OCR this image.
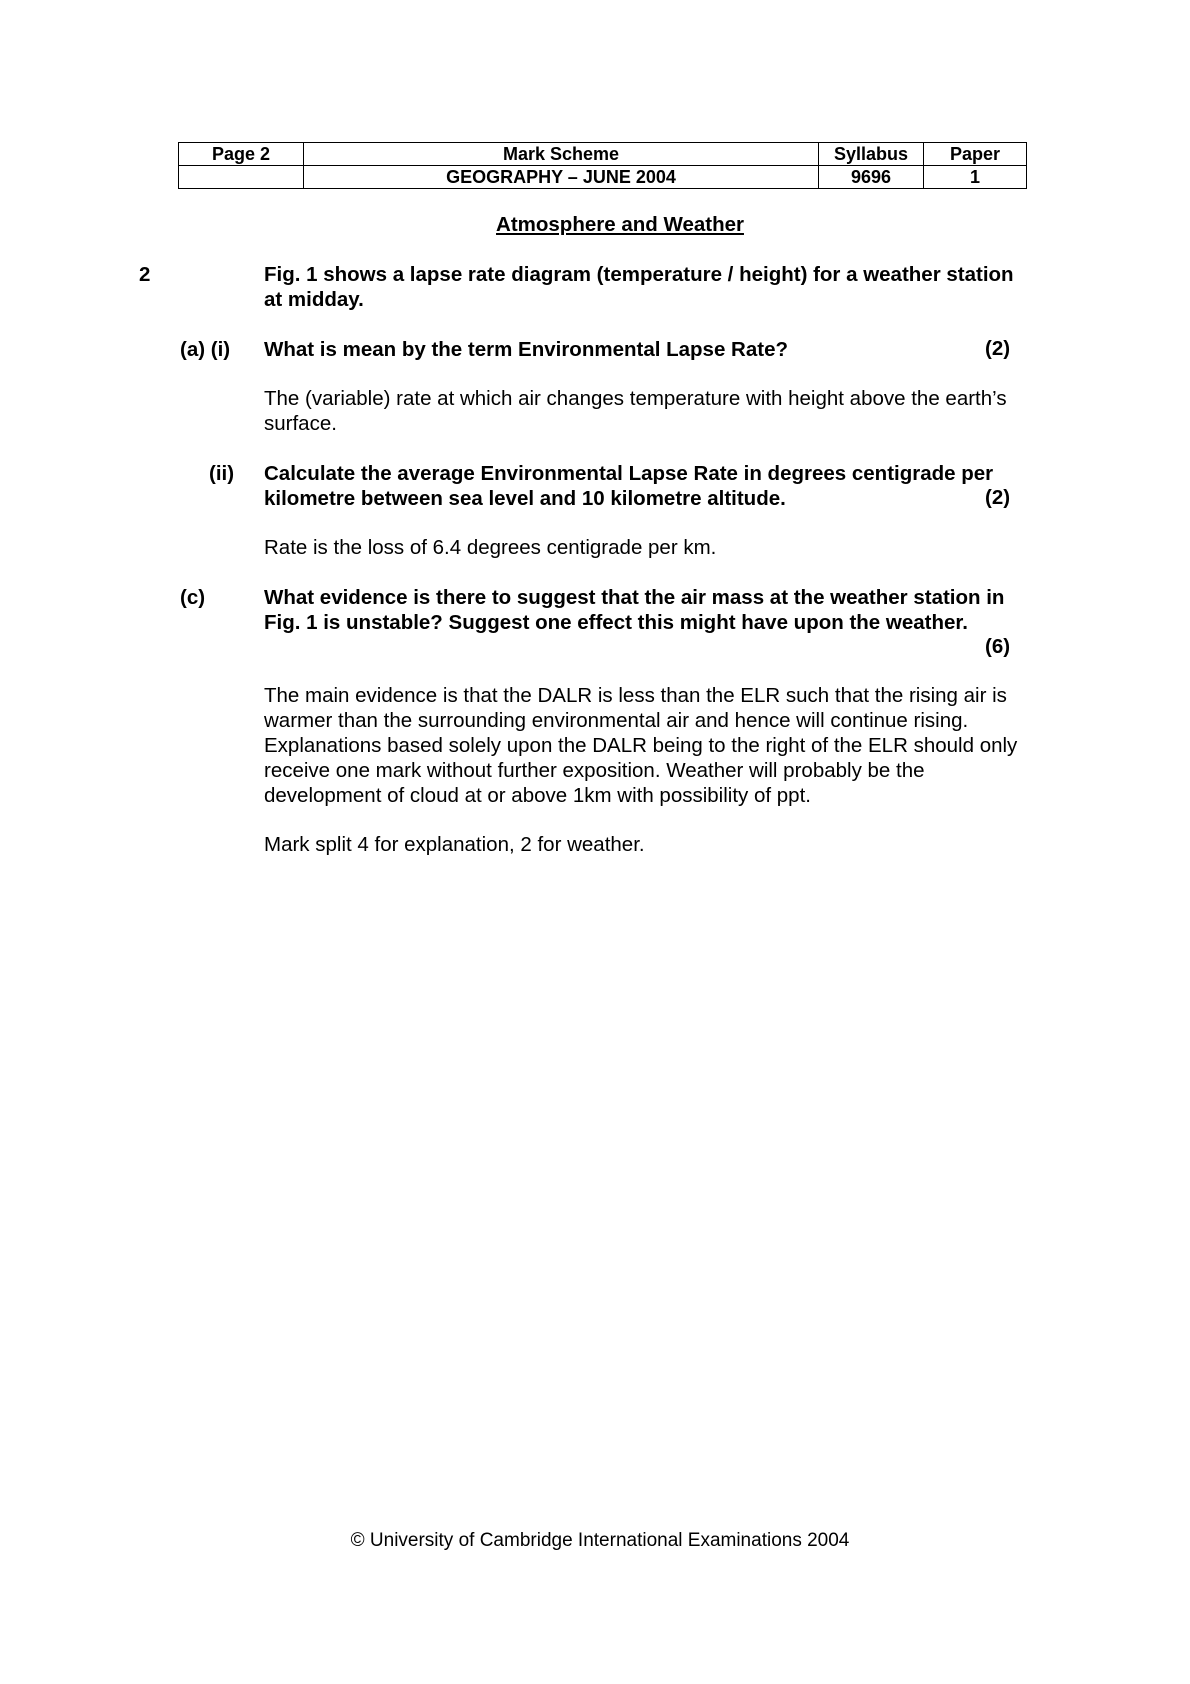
Page 2	Mark Scheme	Syllabus	Paper
	GEOGRAPHY – JUNE 2004	9696	1
Atmosphere and Weather
2	Fig. 1 shows a lapse rate diagram (temperature / height) for a weather station
at midday.
(a) (i) What is mean by the term Environmental Lapse Rate?	(2)
The (variable) rate at which air changes temperature with height above the earth’s
surface.
(ii) Calculate the average Environmental Lapse Rate in degrees centigrade per
kilometre between sea level and 10 kilometre altitude.	(2)
Rate is the loss of 6.4 degrees centigrade per km.
(c)	What evidence is there to suggest that the air mass at the weather station in
Fig. 1 is unstable? Suggest one effect this might have upon the weather.
(6)
The main evidence is that the DALR is less than the ELR such that the rising air is
warmer than the surrounding environmental air and hence will continue rising.
Explanations based solely upon the DALR being to the right of the ELR should only
receive one mark without further exposition. Weather will probably be the
development of cloud at or above 1km with possibility of ppt.
Mark split 4 for explanation, 2 for weather.
© University of Cambridge International Examinations 2004
